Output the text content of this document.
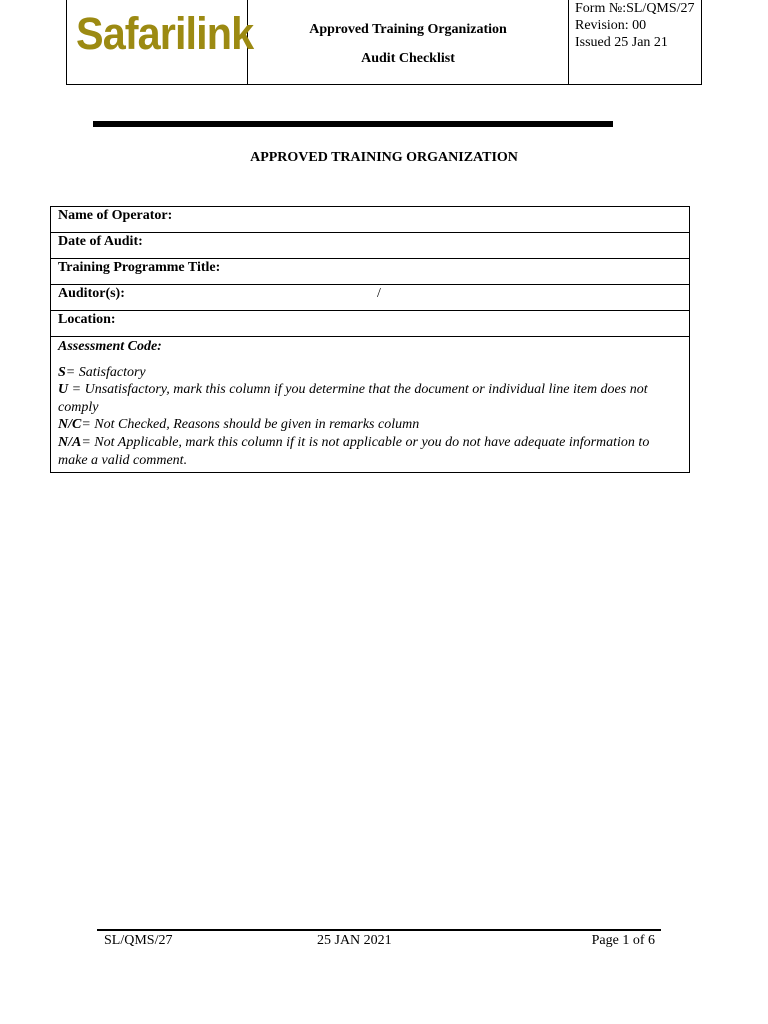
Safarilink	Approved Training Organization
Audit Checklist
Form №:SL/QMS/27
Revision: 00
Issued 25 Jan 21
APPROVED TRAINING ORGANIZATION
Name of Operator:
Date of Audit:
Training Programme Title:
Auditor(s):	/
Location:
Assessment Code:
S= Satisfactory
U = Unsatisfactory, mark this column if you determine that the document or individual line item does not comply
N/C= Not Checked, Reasons should be given in remarks column
N/A= Not Applicable, mark this column if it is not applicable or you do not have adequate information to make a valid comment.
SL/QMS/27	25 JAN 2021	Page 1 of 6
